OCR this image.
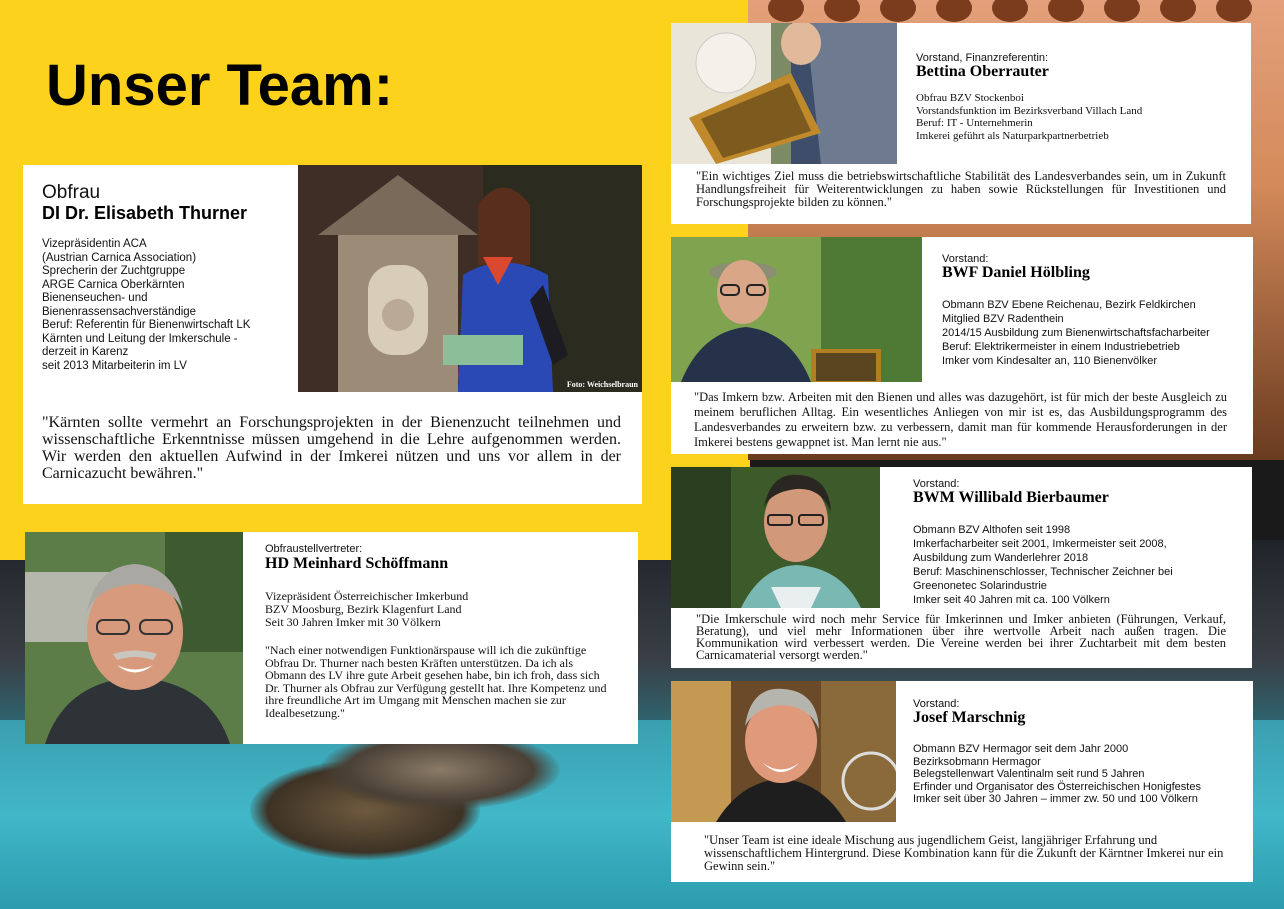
Unser Team:
Obfrau
DI Dr. Elisabeth Thurner
Vizepräsidentin ACA
(Austrian Carnica Association)
Sprecherin der Zuchtgruppe
ARGE Carnica Oberkärnten
Bienenseuchen- und
Bienenrassensachverständige
Beruf: Referentin für Bienenwirtschaft LK
Kärnten und Leitung der Imkerschule -
derzeit in Karenz
seit 2013 Mitarbeiterin im LV
Foto: Weichselbraun
"Kärnten sollte vermehrt an Forschungsprojekten in der Bienenzucht teilnehmen und wissenschaftliche Erkenntnisse müssen umgehend in die Lehre aufgenommen werden. Wir werden den aktuellen Aufwind in der Imkerei nützen und uns vor allem in der Carnicazucht bewähren."
Obfraustellvertreter:
HD Meinhard Schöffmann
Vizepräsident Österreichischer Imkerbund
BZV Moosburg, Bezirk Klagenfurt Land
Seit 30 Jahren Imker mit 30 Völkern
"Nach einer notwendigen Funktionärspause will ich die zukünftige Obfrau Dr. Thurner nach besten Kräften unterstützen. Da ich als Obmann des LV ihre gute Arbeit gesehen habe, bin ich froh, dass sich Dr. Thurner als Obfrau zur Verfügung gestellt hat. Ihre Kompetenz und ihre freundliche Art im Umgang mit Menschen machen sie zur Idealbesetzung."
Vorstand, Finanzreferentin:
Bettina Oberrauter
Obfrau BZV Stockenboi
Vorstandsfunktion im Bezirksverband Villach Land
Beruf: IT - Unternehmerin
Imkerei geführt als Naturparkpartnerbetrieb
"Ein wichtiges Ziel muss die betriebswirtschaftliche Stabilität des Landesverbandes sein, um in Zukunft Handlungsfreiheit für Weiterentwicklungen zu haben sowie Rückstellungen für Investitionen und Forschungsprojekte bilden zu können."
Vorstand:
BWF Daniel Hölbling
Obmann BZV Ebene Reichenau, Bezirk Feldkirchen
Mitglied BZV Radenthein
2014/15 Ausbildung zum Bienenwirtschaftsfacharbeiter
Beruf: Elektrikermeister in einem Industriebetrieb
Imker vom Kindesalter an, 110 Bienenvölker
"Das Imkern bzw. Arbeiten mit den Bienen und alles was dazugehört, ist für mich der beste Ausgleich zu meinem beruflichen Alltag. Ein wesentliches Anliegen von mir ist es, das Ausbildungsprogramm des Landesverbandes zu erweitern bzw. zu verbessern, damit man für kommende Herausforderungen in der Imkerei bestens gewappnet ist. Man lernt nie aus."
Vorstand:
BWM Willibald Bierbaumer
Obmann BZV Althofen seit 1998
Imkerfacharbeiter seit 2001, Imkermeister seit 2008,
Ausbildung zum Wanderlehrer 2018
Beruf: Maschinenschlosser, Technischer Zeichner bei
Greenonetec Solarindustrie
Imker seit 40 Jahren mit ca. 100 Völkern
"Die Imkerschule wird noch mehr Service für Imkerinnen und Imker anbieten (Führungen, Verkauf, Beratung), und viel mehr Informationen über ihre wertvolle Arbeit nach außen tragen. Die Kommunikation wird verbessert werden. Die Vereine werden bei ihrer Zuchtarbeit mit dem besten Carnicamaterial versorgt werden."
Vorstand:
Josef Marschnig
Obmann BZV Hermagor seit dem Jahr 2000
Bezirksobmann Hermagor
Belegstellenwart Valentinalm seit rund 5 Jahren
Erfinder und Organisator des Österreichischen Honigfestes
Imker seit über 30 Jahren – immer zw. 50 und 100 Völkern
"Unser Team ist eine ideale Mischung aus jugendlichem Geist, langjähriger Erfahrung und wissenschaftlichem Hintergrund. Diese Kombination kann für die Zukunft der Kärntner Imkerei nur ein Gewinn sein."
